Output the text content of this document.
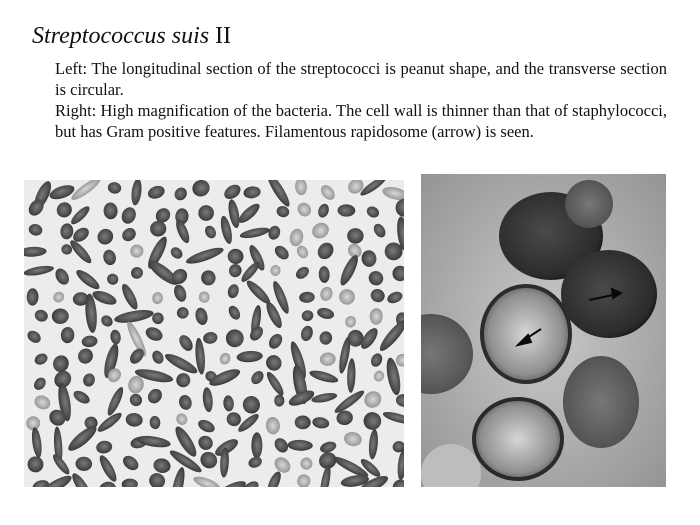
Streptococcus suis II

Left: The longitudinal section of the streptococci is peanut shape, and the transverse section is circular.

Right: High magnification of the bacteria. The cell wall is thinner than that of staphylococci, but has Gram positive features. Filamentous rapidosome (arrow) is seen.
